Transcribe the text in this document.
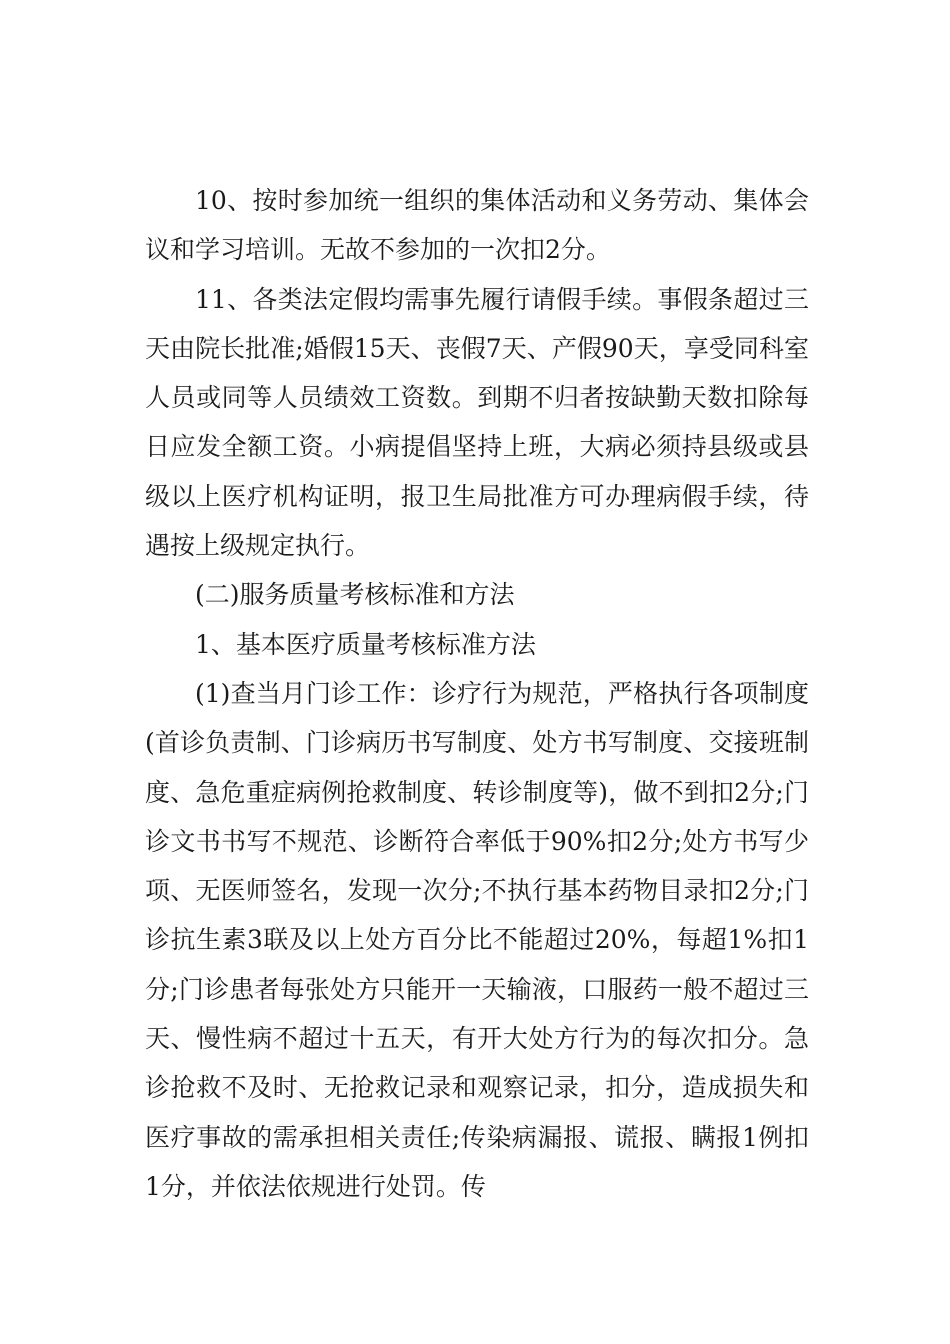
10、按时参加统一组织的集体活动和义务劳动、集体会议和学习培训。无故不参加的一次扣2分。

11、各类法定假均需事先履行请假手续。事假条超过三天由院长批准;婚假15天、丧假7天、产假90天，享受同科室人员或同等人员绩效工资数。到期不归者按缺勤天数扣除每日应发全额工资。小病提倡坚持上班，大病必须持县级或县级以上医疗机构证明，报卫生局批准方可办理病假手续，待遇按上级规定执行。

(二)服务质量考核标准和方法

1、基本医疗质量考核标准方法

(1)查当月门诊工作：诊疗行为规范，严格执行各项制度(首诊负责制、门诊病历书写制度、处方书写制度、交接班制度、急危重症病例抢救制度、转诊制度等)，做不到扣2分;门诊文书书写不规范、诊断符合率低于90%扣2分;处方书写少项、无医师签名，发现一次分;不执行基本药物目录扣2分;门诊抗生素3联及以上处方百分比不能超过20%，每超1%扣1分;门诊患者每张处方只能开一天输液，口服药一般不超过三天、慢性病不超过十五天，有开大处方行为的每次扣分。急诊抢救不及时、无抢救记录和观察记录，扣分，造成损失和医疗事故的需承担相关责任;传染病漏报、谎报、瞒报1例扣1分，并依法依规进行处罚。传
